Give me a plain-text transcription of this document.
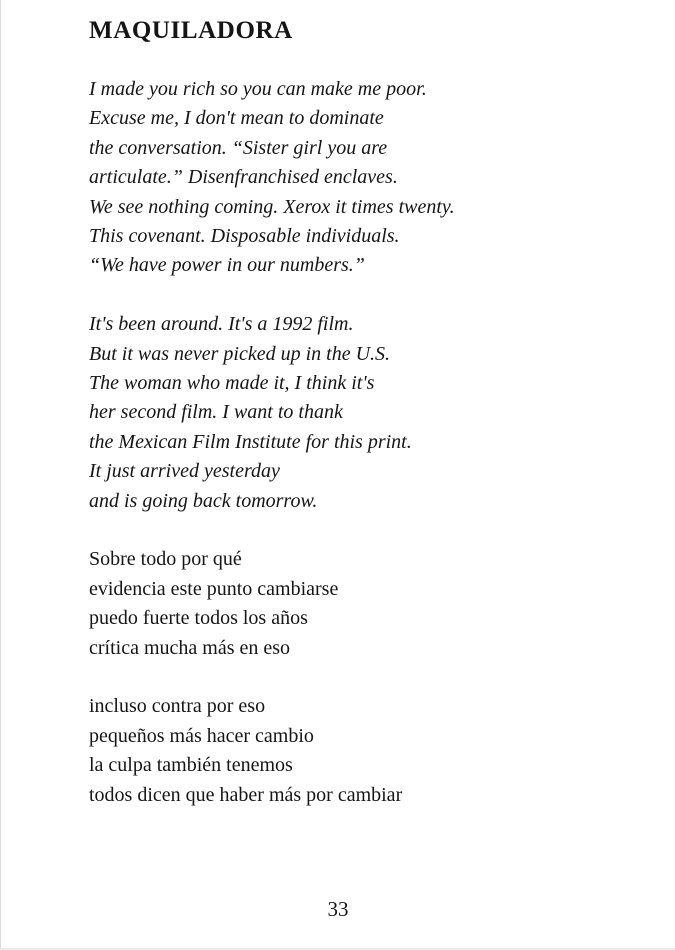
MAQUILADORA
I made you rich so you can make me poor.
Excuse me, I don't mean to dominate
the conversation. “Sister girl you are
articulate.” Disenfranchised enclaves.
We see nothing coming. Xerox it times twenty.
This covenant. Disposable individuals.
“We have power in our numbers.”
It's been around. It's a 1992 film.
But it was never picked up in the U.S.
The woman who made it, I think it's
her second film. I want to thank
the Mexican Film Institute for this print.
It just arrived yesterday
and is going back tomorrow.
Sobre todo por qué
evidencia este punto cambiarse
puedo fuerte todos los años
crítica mucha más en eso
incluso contra por eso
pequeños más hacer cambio
la culpa también tenemos
todos dicen que haber más por cambiar
33
